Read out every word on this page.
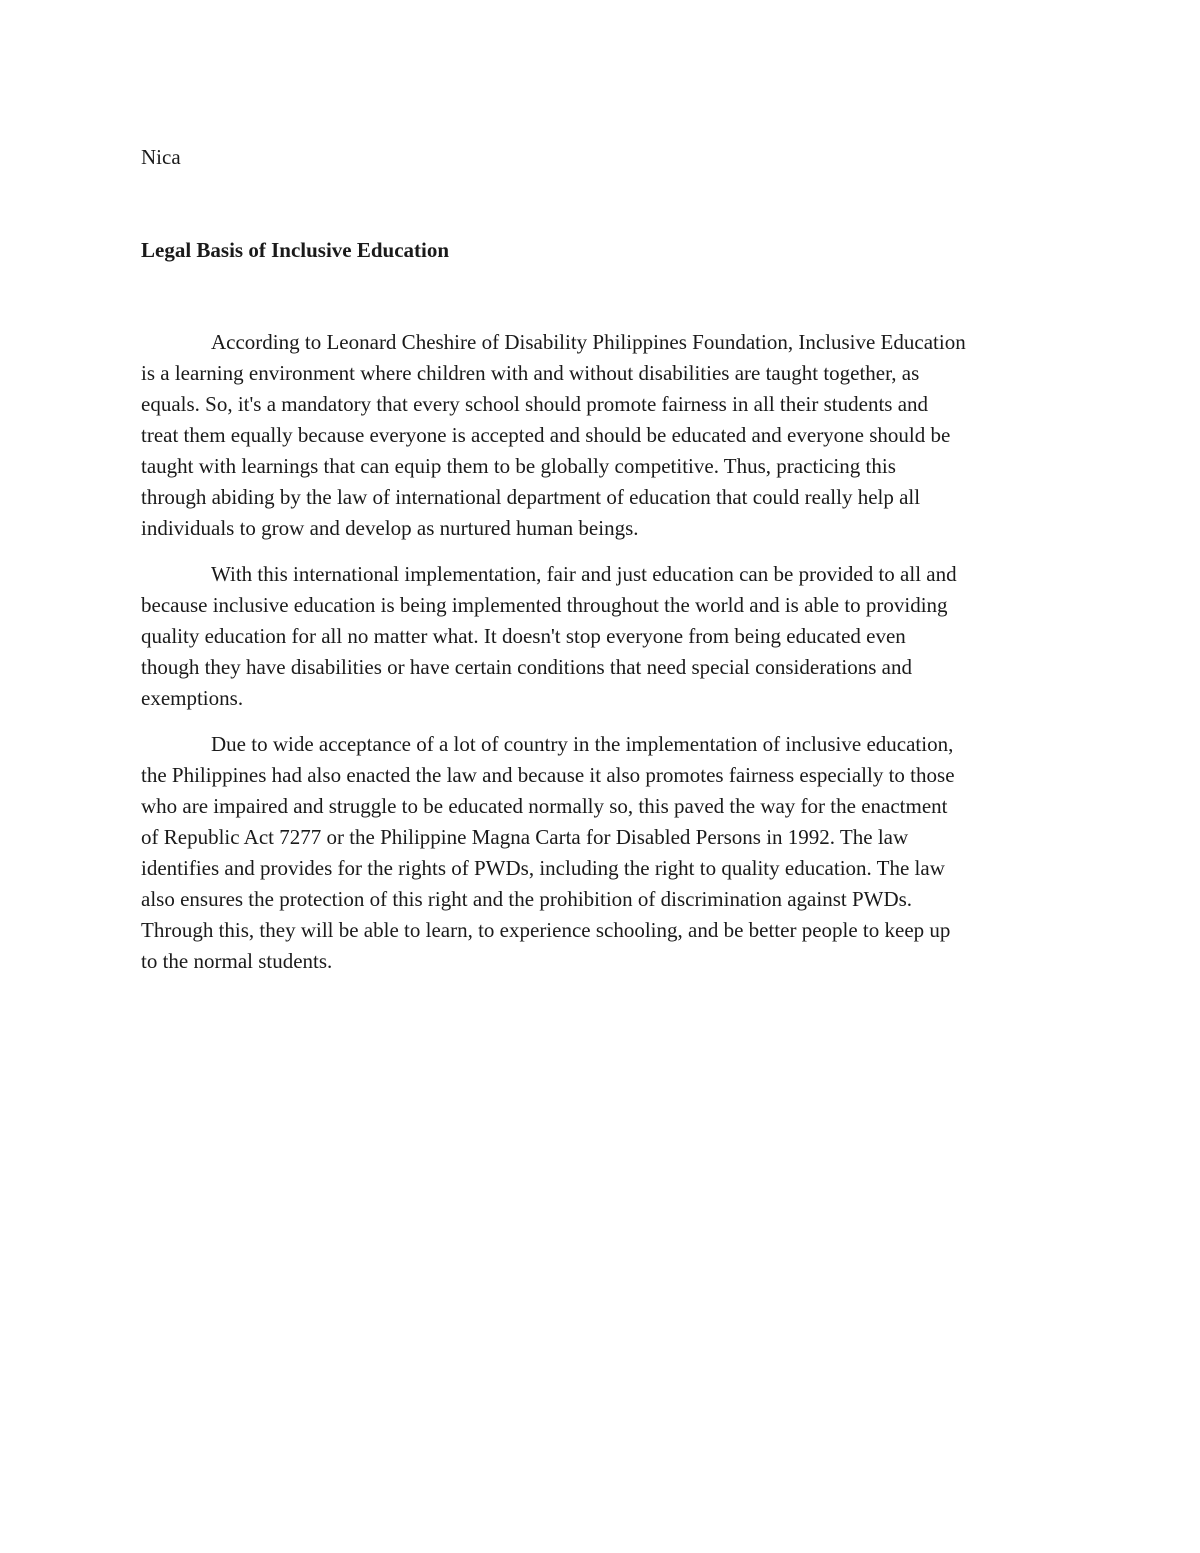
Nica

Legal Basis of Inclusive Education

According to Leonard Cheshire of Disability Philippines Foundation, Inclusive Education
is a learning environment where children with and without disabilities are taught together, as
equals. So, it's a mandatory that every school should promote fairness in all their students and
treat them equally because everyone is accepted and should be educated and everyone should be
taught with learnings that can equip them to be globally competitive. Thus, practicing this
through abiding by the law of international department of education that could really help all
individuals to grow and develop as nurtured human beings.

With this international implementation, fair and just education can be provided to all and
because inclusive education is being implemented throughout the world and is able to providing
quality education for all no matter what. It doesn't stop everyone from being educated even
though they have disabilities or have certain conditions that need special considerations and
exemptions.

Due to wide acceptance of a lot of country in the implementation of inclusive education,
the Philippines had also enacted the law and because it also promotes fairness especially to those
who are impaired and struggle to be educated normally so, this paved the way for the enactment
of Republic Act 7277 or the Philippine Magna Carta for Disabled Persons in 1992. The law
identifies and provides for the rights of PWDs, including the right to quality education. The law
also ensures the protection of this right and the prohibition of discrimination against PWDs.
Through this, they will be able to learn, to experience schooling, and be better people to keep up
to the normal students.
